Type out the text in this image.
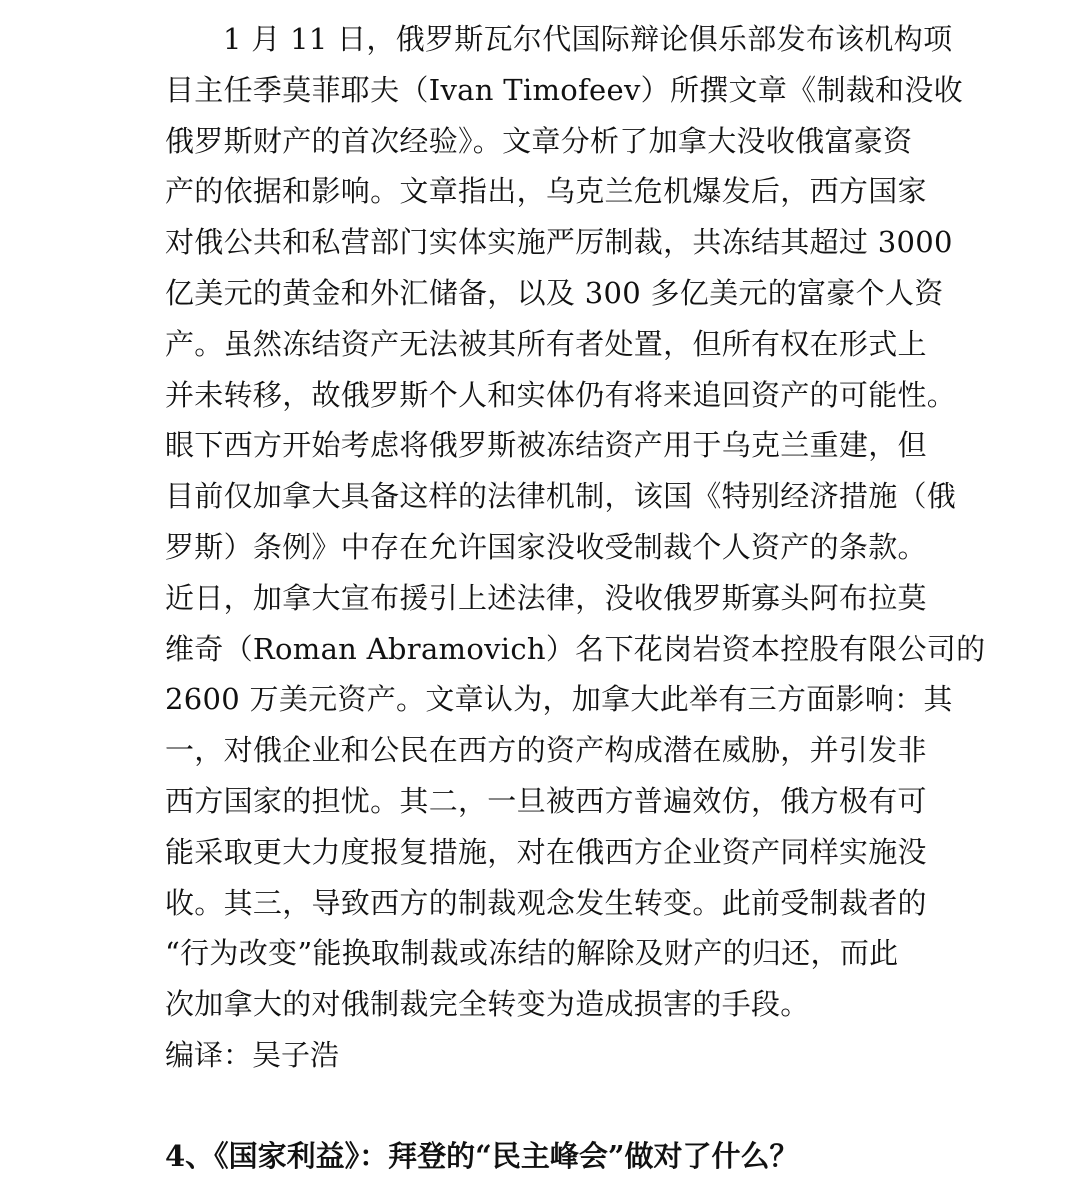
1 月 11 日，俄罗斯瓦尔代国际辩论俱乐部发布该机构项
目主任季莫菲耶夫（Ivan Timofeev）所撰文章《制裁和没收
俄罗斯财产的首次经验》。文章分析了加拿大没收俄富豪资
产的依据和影响。文章指出，乌克兰危机爆发后，西方国家
对俄公共和私营部门实体实施严厉制裁，共冻结其超过 3000
亿美元的黄金和外汇储备，以及 300 多亿美元的富豪个人资
产。虽然冻结资产无法被其所有者处置，但所有权在形式上
并未转移，故俄罗斯个人和实体仍有将来追回资产的可能性。
眼下西方开始考虑将俄罗斯被冻结资产用于乌克兰重建，但
目前仅加拿大具备这样的法律机制，该国《特别经济措施（俄
罗斯）条例》中存在允许国家没收受制裁个人资产的条款。
近日，加拿大宣布援引上述法律，没收俄罗斯寡头阿布拉莫
维奇（Roman Abramovich）名下花岗岩资本控股有限公司的
2600 万美元资产。文章认为，加拿大此举有三方面影响：其
一，对俄企业和公民在西方的资产构成潜在威胁，并引发非
西方国家的担忧。其二，一旦被西方普遍效仿，俄方极有可
能采取更大力度报复措施，对在俄西方企业资产同样实施没
收。其三，导致西方的制裁观念发生转变。此前受制裁者的
“行为改变”能换取制裁或冻结的解除及财产的归还，而此
次加拿大的对俄制裁完全转变为造成损害的手段。
编译：吴子浩
4、《国家利益》：拜登的“民主峰会”做对了什么？
